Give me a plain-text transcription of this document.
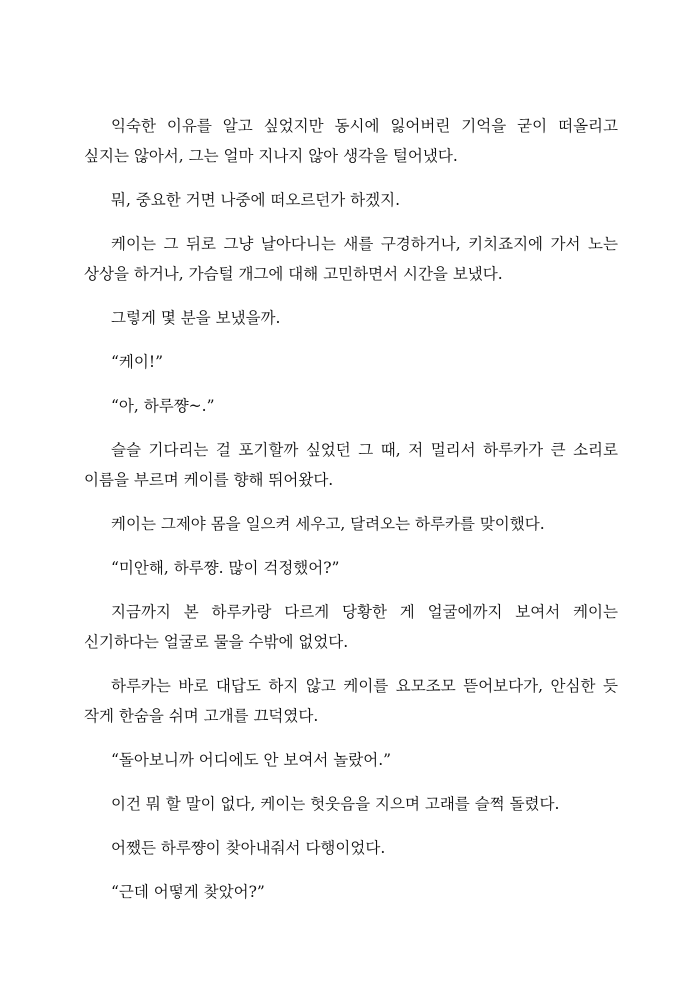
익숙한 이유를 알고 싶었지만 동시에 잃어버린 기억을 굳이 떠올리고 싶지는 않아서, 그는 얼마 지나지 않아 생각을 털어냈다.

뭐, 중요한 거면 나중에 떠오르던가 하겠지.

케이는 그 뒤로 그냥 날아다니는 새를 구경하거나, 키치죠지에 가서 노는 상상을 하거나, 가슴털 개그에 대해 고민하면서 시간을 보냈다.

그렇게 몇 분을 보냈을까.

“케이!”

“아, 하루쨩~.”

슬슬 기다리는 걸 포기할까 싶었던 그 때, 저 멀리서 하루카가 큰 소리로 이름을 부르며 케이를 향해 뛰어왔다.

케이는 그제야 몸을 일으켜 세우고, 달려오는 하루카를 맞이했다.

“미안해, 하루쨩. 많이 걱정했어?”

지금까지 본 하루카랑 다르게 당황한 게 얼굴에까지 보여서 케이는 신기하다는 얼굴로 물을 수밖에 없었다.

하루카는 바로 대답도 하지 않고 케이를 요모조모 뜯어보다가, 안심한 듯 작게 한숨을 쉬며 고개를 끄덕였다.

“돌아보니까 어디에도 안 보여서 놀랐어.”

이건 뭐 할 말이 없다, 케이는 헛웃음을 지으며 고래를 슬쩍 돌렸다.

어쨌든 하루쨩이 찾아내줘서 다행이었다.

“근데 어떻게 찾았어?”
